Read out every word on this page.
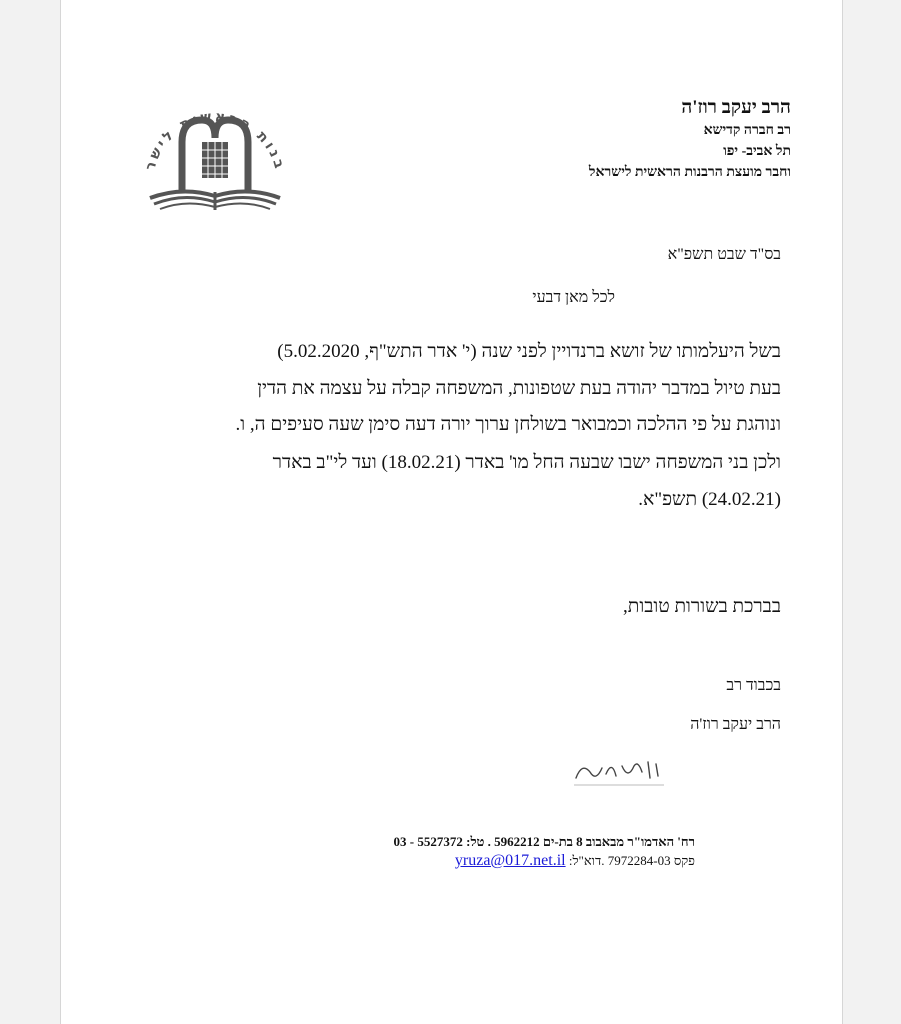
הרב יעקב רוז'ה
רב חברה קדישא
תל אביב- יפו
וחבר מועצת הרבנות הראשית לישראל
בנות הראשית לישר
בס"ד שבט תשפ"א
לכל מאן דבעי

בשל היעלמותו של זושא ברנדויין לפני שנה (י' אדר התש"ף, 5.02.2020)

בעת טיול במדבר יהודה בעת שטפונות, המשפחה קבלה על עצמה את הדין

ונוהגת על פי ההלכה וכמבואר בשולחן ערוך יורה דעה סימן שעה סעיפים ה, ו.

ולכן בני המשפחה ישבו שבעה החל מו' באדר (18.02.21) ועד לי"ב באדר

(24.02.21) תשפ"א.

בברכת בשורות טובות,
בכבוד רב
הרב יעקב רוז'ה
רח' האדמו"ר מבאבוב 8 בת-ים 5962212 . טל: 5527372 - 03
פקס 7972284-03 .דוא"ל: yruza@017.net.il
